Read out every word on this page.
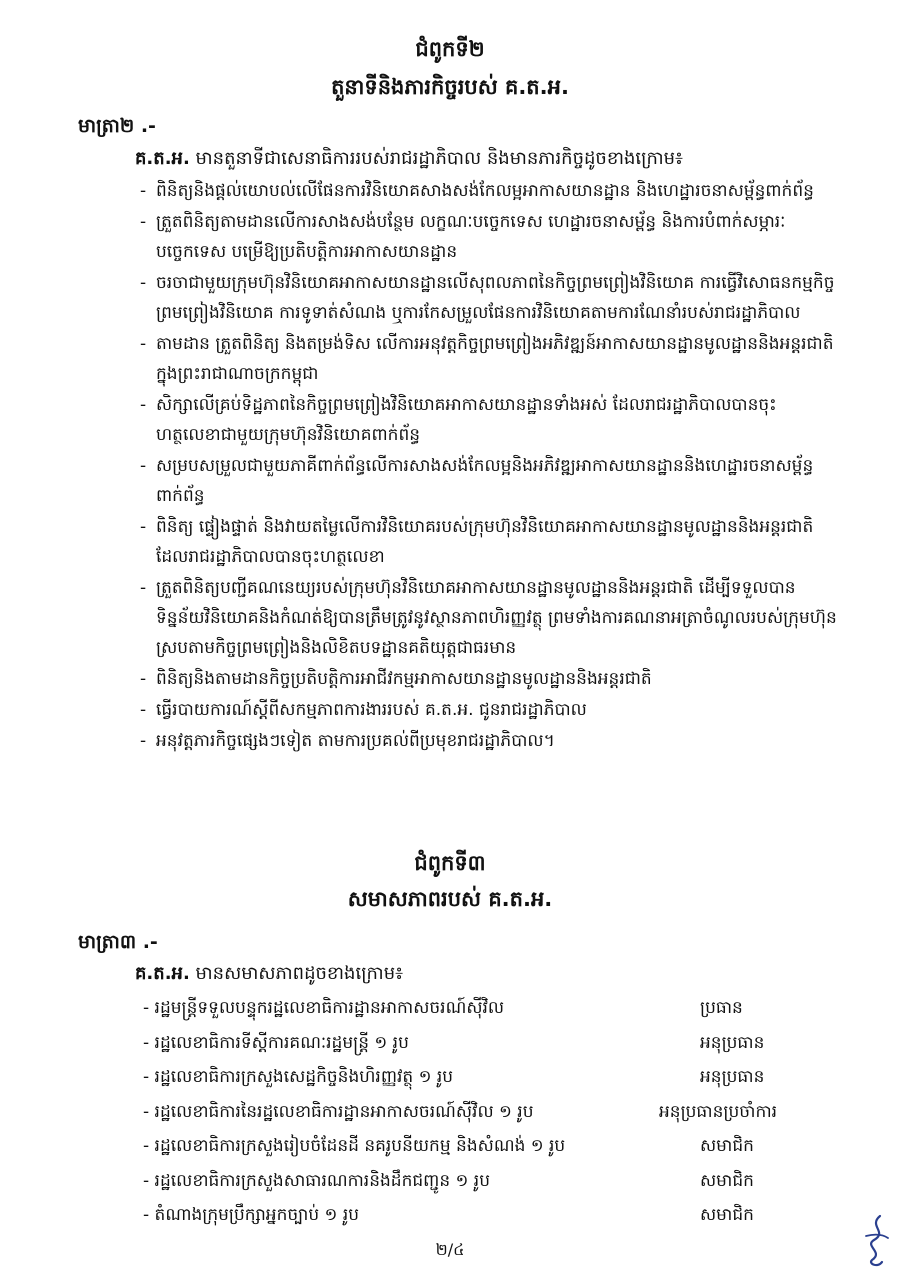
ជំពូកទី២
តួនាទីនិងភារកិច្ចរបស់ គ.ត.អ.
មាត្រា២ .-
គ.ត.អ. មានតួនាទីជាសេនាធិការរបស់រាជរដ្ឋាភិបាល និងមានភារកិច្ចដូចខាងក្រោម៖
- ពិនិត្យនិងផ្តល់យោបល់លើផែនការវិនិយោគសាងសង់កែលម្អអាកាសយានដ្ឋាន និងហេដ្ឋារចនាសម្ព័ន្ធពាក់ព័ន្ធ
- ត្រួតពិនិត្យតាមដានលើការសាងសង់បន្ថែម លក្ខណៈបច្ចេកទេស ហេដ្ឋារចនាសម្ព័ន្ធ និងការបំពាក់សម្ភារៈបច្ចេកទេស បម្រើឱ្យប្រតិបត្តិការអាកាសយានដ្ឋាន
- ចរចាជាមួយក្រុមហ៊ុនវិនិយោគអាកាសយានដ្ឋានលើសុពលភាពនៃកិច្ចព្រមព្រៀងវិនិយោគ ការធ្វើវិសោធនកម្មកិច្ចព្រមព្រៀងវិនិយោគ ការទូទាត់សំណង ឬការកែសម្រួលផែនការវិនិយោគតាមការណែនាំរបស់រាជរដ្ឋាភិបាល
- តាមដាន ត្រួតពិនិត្យ និងតម្រង់ទិស លើការអនុវត្តកិច្ចព្រមព្រៀងអភិវឌ្ឍន៍អាកាសយានដ្ឋានមូលដ្ឋាននិងអន្តរជាតិ ក្នុងព្រះរាជាណាចក្រកម្ពុជា
- សិក្សាលើគ្រប់ទិដ្ឋភាពនៃកិច្ចព្រមព្រៀងវិនិយោគអាកាសយានដ្ឋានទាំងអស់ ដែលរាជរដ្ឋាភិបាលបានចុះហត្ថលេខាជាមួយក្រុមហ៊ុនវិនិយោគពាក់ព័ន្ធ
- សម្របសម្រួលជាមួយភាគីពាក់ព័ន្ធលើការសាងសង់កែលម្អនិងអភិវឌ្ឍអាកាសយានដ្ឋាននិងហេដ្ឋារចនាសម្ព័ន្ធពាក់ព័ន្ធ
- ពិនិត្យ ផ្ទៀងផ្ទាត់ និងវាយតម្លៃលើការវិនិយោគរបស់ក្រុមហ៊ុនវិនិយោគអាកាសយានដ្ឋានមូលដ្ឋាននិងអន្តរជាតិ ដែលរាជរដ្ឋាភិបាលបានចុះហត្ថលេខា
- ត្រួតពិនិត្យបញ្ជីគណនេយ្យរបស់ក្រុមហ៊ុនវិនិយោគអាកាសយានដ្ឋានមូលដ្ឋាននិងអន្តរជាតិ ដើម្បីទទួលបានទិន្នន័យវិនិយោគនិងកំណត់ឱ្យបានត្រឹមត្រូវនូវស្ថានភាពហិរញ្ញវត្ថុ ព្រមទាំងការគណនាអត្រាចំណូលរបស់ក្រុមហ៊ុន ស្របតាមកិច្ចព្រមព្រៀងនិងលិខិតបទដ្ឋានគតិយុត្តជាធរមាន
- ពិនិត្យនិងតាមដានកិច្ចប្រតិបត្តិការអាជីវកម្មអាកាសយានដ្ឋានមូលដ្ឋាននិងអន្តរជាតិ
- ធ្វើរបាយការណ៍ស្តីពីសកម្មភាពការងាររបស់ គ.ត.អ. ជូនរាជរដ្ឋាភិបាល
- អនុវត្តភារកិច្ចផ្សេងៗទៀត តាមការប្រគល់ពីប្រមុខរាជរដ្ឋាភិបាល។
ជំពូកទី៣
សមាសភាពរបស់ គ.ត.អ.
មាត្រា៣ .-
គ.ត.អ. មានសមាសភាពដូចខាងក្រោម៖
- រដ្ឋមន្ត្រីទទួលបន្ទុករដ្ឋលេខាធិការដ្ឋានអាកាសចរណ៍ស៊ីវិល	ប្រធាន
- រដ្ឋលេខាធិការទីស្តីការគណៈរដ្ឋមន្ត្រី ១ រូប	អនុប្រធាន
- រដ្ឋលេខាធិការក្រសួងសេដ្ឋកិច្ចនិងហិរញ្ញវត្ថុ ១ រូប	អនុប្រធាន
- រដ្ឋលេខាធិការនៃរដ្ឋលេខាធិការដ្ឋានអាកាសចរណ៍ស៊ីវិល ១ រូប	អនុប្រធានប្រចាំការ
- រដ្ឋលេខាធិការក្រសួងរៀបចំដែនដី នគរូបនីយកម្ម និងសំណង់ ១ រូប	សមាជិក
- រដ្ឋលេខាធិការក្រសួងសាធារណការនិងដឹកជញ្ជូន ១ រូប	សមាជិក
- តំណាងក្រុមប្រឹក្សាអ្នកច្បាប់ ១ រូប	សមាជិក
២/៤
